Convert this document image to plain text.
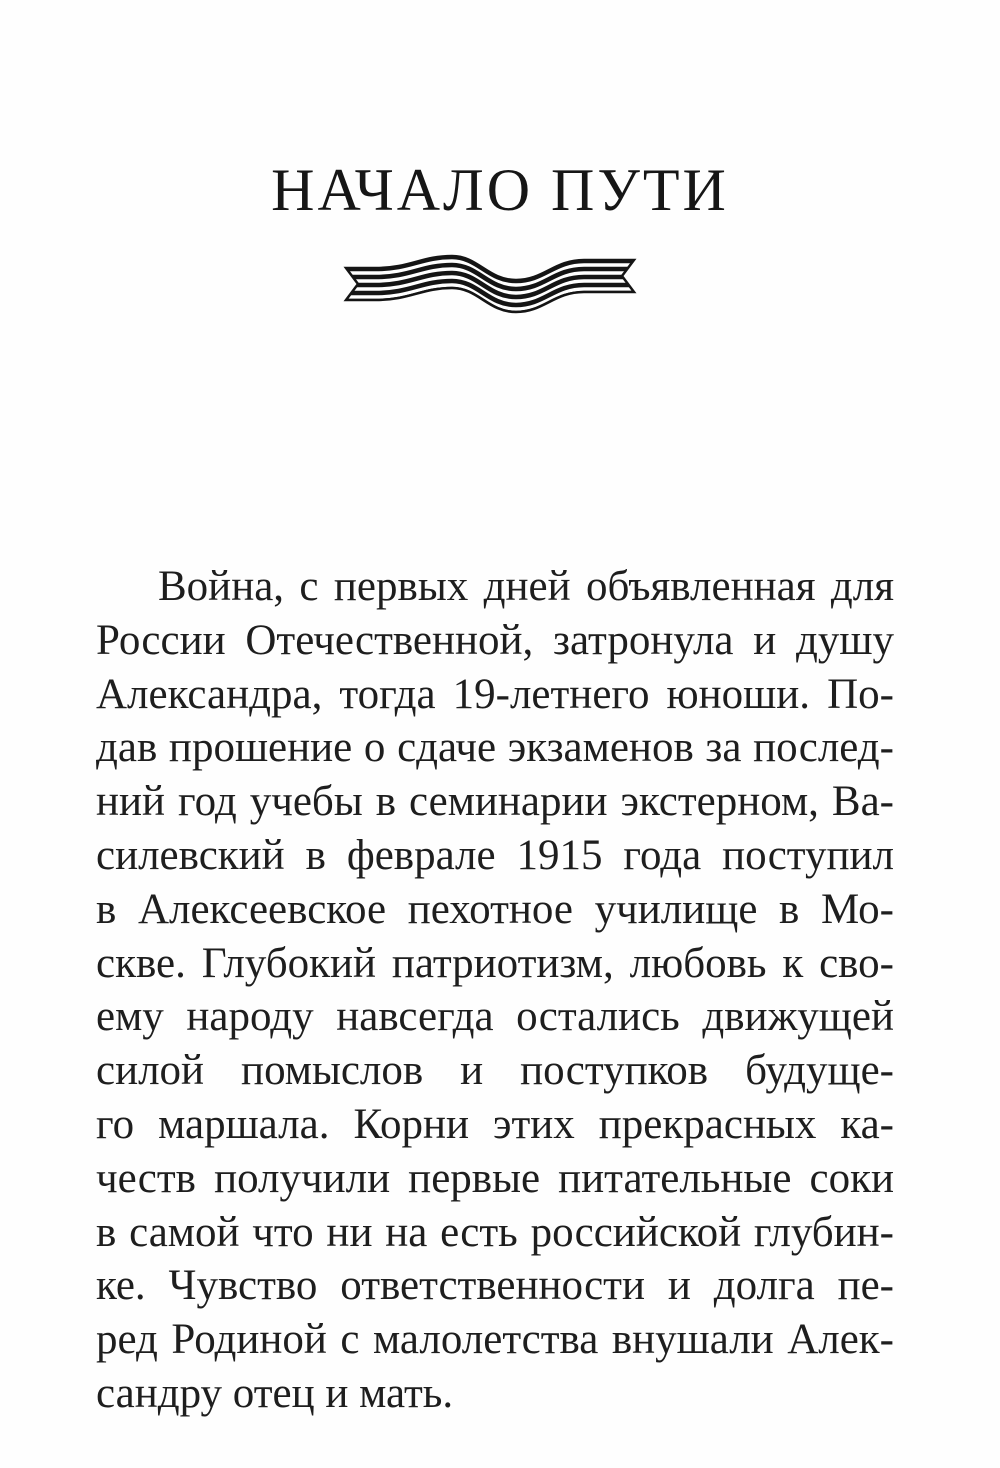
НАЧАЛО ПУТИ
Война, с первых дней объявленная для
России Отечественной, затронула и душу
Александра, тогда 19-летнего юноши. По-
дав прошение о сдаче экзаменов за послед-
ний год учебы в семинарии экстерном, Ва-
силевский в феврале 1915 года поступил
в Алексеевское пехотное училище в Мо-
скве. Глубокий патриотизм, любовь к сво-
ему народу навсегда остались движущей
силой помыслов и поступков будуще-
го маршала. Корни этих прекрасных ка-
честв получили первые питательные соки
в самой что ни на есть российской глубин-
ке. Чувство ответственности и долга пе-
ред Родиной с малолетства внушали Алек-
сандру отец и мать.
